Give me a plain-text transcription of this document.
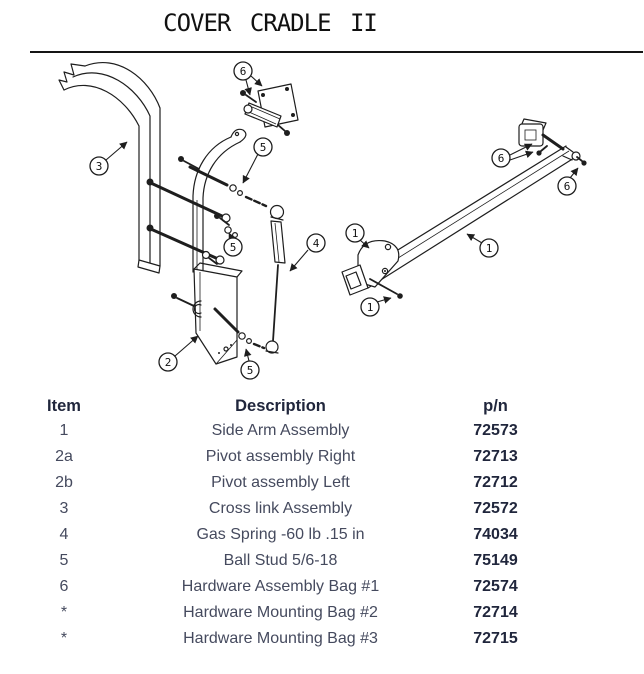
COVER CRADLE II
6
3
5
5	4
2
5
6
6
1
1
1
Item	Description	p/n
1	Side Arm Assembly	72573
2a	Pivot assembly Right	72713
2b	Pivot assembly Left	72712
3	Cross link Assembly	72572
4	Gas Spring -60 lb .15 in	74034
5	Ball Stud 5/6-18	75149
6	Hardware Assembly Bag #1	72574
*	Hardware Mounting Bag #2	72714
*	Hardware Mounting Bag #3	72715
